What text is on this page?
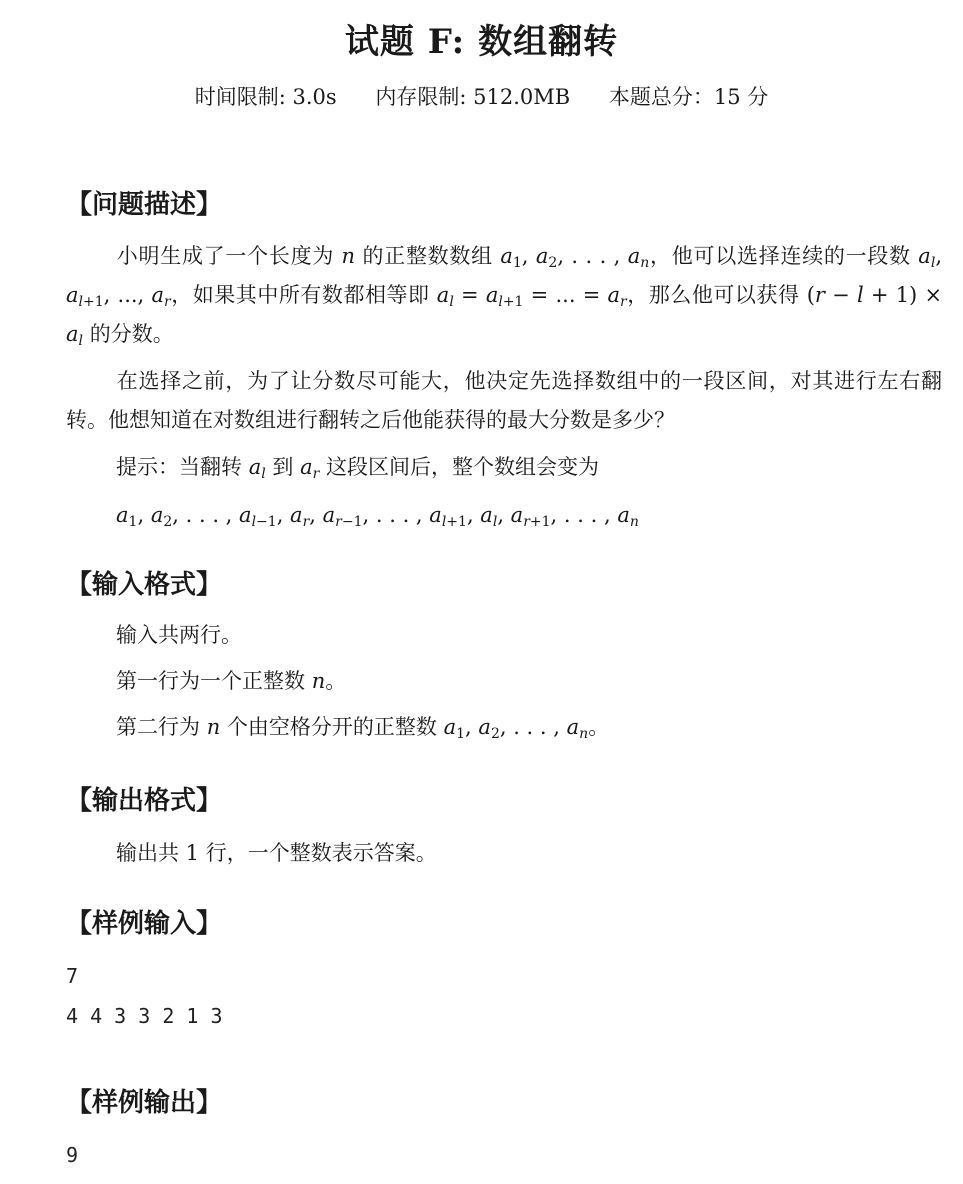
试题 F: 数组翻转
时间限制: 3.0s 内存限制: 512.0MB 本题总分：15 分
【问题描述】
小明生成了一个长度为 n 的正整数数组 $a_1$, $a_2$, . . . , $a_n$，他可以选择连续的一段数 $a_l$, $a_{l+1}$, ..., $a_r$，如果其中所有数都相等即 $a_l = a_{l+1}$ = ... = $a_r$，那么他可以获得 $(r - l + 1) \times a_l$ 的分数。
在选择之前，为了让分数尽可能大，他决定先选择数组中的一段区间，对其进行左右翻转。他想知道在对数组进行翻转之后他能获得的最大分数是多少？
提示：当翻转 $a_l$ 到 $a_r$ 这段区间后，整个数组会变为
$a_1$, $a_2$, . . . , $a_{l-1}$, $a_r$, $a_{r-1}$, . . . , $a_{l+1}$, $a_l$, $a_{r+1}$, . . . , $a_n$
【输入格式】
输入共两行。
第一行为一个正整数 n。
第二行为 n 个由空格分开的正整数 $a_1$, $a_2$, . . . , $a_n$。
【输出格式】
输出共 1 行，一个整数表示答案。
【样例输入】
7
4 4 3 3 2 1 3
【样例输出】
9
